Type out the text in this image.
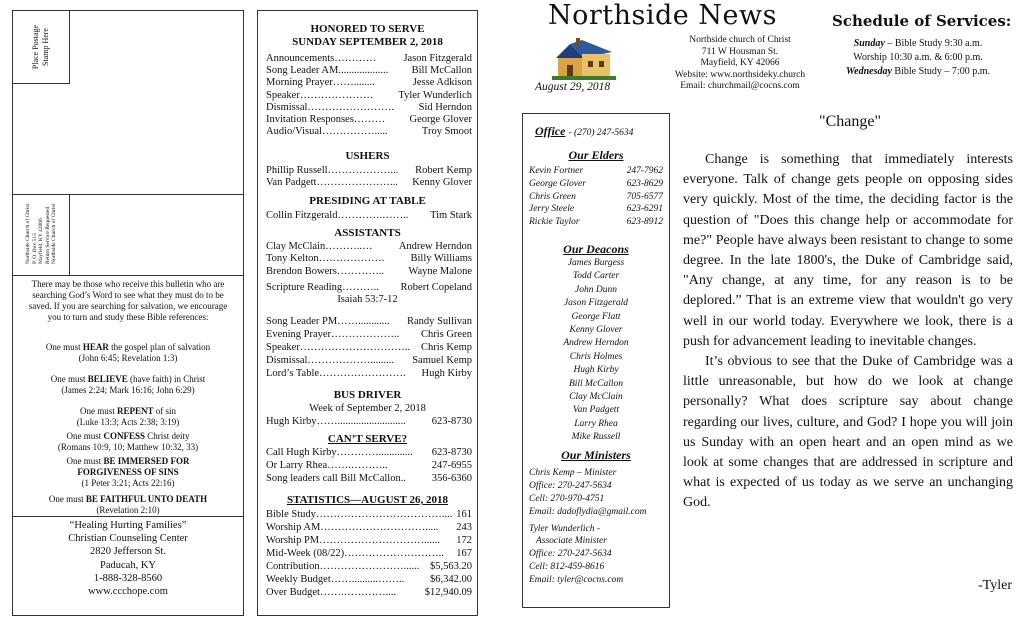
Place Postage
Stamp Here
Northside Church of Christ
P. O. Box 513
Mayfield, KY 42066
Return Service Requested
Northside Church of Christ
There may be those who receive this bulletin who are searching God’s Word to see what they must do to be saved. If you are searching for salvation, we encourage you to turn and study these Bible references:
One must HEAR the gospel plan of salvation
(John 6:45; Revelation 1:3)
One must BELIEVE (have faith) in Christ
(James 2:24; Mark 16:16; John 6:29)
One must REPENT of sin
(Luke 13:3; Acts 2:38; 3:19)
One must CONFESS Christ deity
(Romans 10:9, 10; Matthew 10:32, 33)
One must BE IMMERSED FOR
FORGIVENESS OF SINS
(1 Peter 3:21; Acts 22:16)
One must BE FAITHFUL UNTO DEATH
(Revelation 2:10)
“Healing Hurting Families”
Christian Counseling Center
2820 Jefferson St.
Paducah, KY
1-888-328-8560
www.ccchope.com
HONORED TO SERVE
SUNDAY SEPTEMBER 2, 2018
Announcements…………	Jason Fitzgerald
Song Leader AM................... Bill McCallon
Morning Prayer……........	Jesse Adkison
Speaker………………… Tyler Wunderlich
Dismissal……………………. Sid Herndon
Invitation Responses……… George Glover
Audio/Visual…………….....	Troy Smoot
USHERS
Phillip Russell………………... Robert Kemp
Van Padgett…………………... Kenny Glover
PRESIDING AT TABLE
Collin Fitzgerald………….…….. Tim Stark
ASSISTANTS
Clay McClain………..…	Andrew Herndon
Tony Kelton………………. Billy Williams
Brendon Bowers………….. Wayne Malone
Scripture Reading……….. Robert Copeland
Isaiah 53:7-12
Song Leader PM……............ Randy Sullivan
Evening Prayer……………….. Chris Green
Speaker………………………….. Chris Kemp
Dismissal………………......... Samuel Kemp
Lord’s Table……………………. Hugh Kirby
BUS DRIVER
Week of September 2, 2018
Hugh Kirby…….......................... 623-8730
CAN’T SERVE?
Call Hugh Kirby…………............. 623-8730
Or Larry Rhea…….………..	247-6955
Song leaders call Bill McCallon.. 356-6360
STATISTICS—AUGUST 26, 2018
Bible Study……………………………….... 161
Worship AM…………………………..... 243
Worship PM…………………………...... 172
Mid-Week (08/22)……………………….. 167
Contribution……………………...... $5,563.20
Weekly Budget……..........…….. $6,342.00
Over Budget…….…………....	$12,940.09
Northside News
August 29, 2018
Northside church of Christ
711 W Housman St.
Mayfield, KY 42066
Website: www.northsideky.church
Email: churchmail@cocns.com
Schedule of Services:
Sunday – Bible Study 9:30 a.m.
Worship 10:30 a.m. & 6:00 p.m.
Wednesday Bible Study – 7:00 p.m.
Office - (270) 247-5634
Our Elders
Kevin Fortner	247-7962
George Glover	623-8629
Chris Green	705-6577
Jerry Steele	623-6291
Rickie Taylor	623-8912
Our Deacons
James Burgess
Todd Carter
John Dunn
Jason Fitzgerald
George Flatt
Kenny Glover
Andrew Herndon
Chris Holmes
Hugh Kirby
Bill McCallon
Clay McClain
Van Padgett
Larry Rhea
Mike Russell
Our Ministers
Chris Kemp – Minister
Office: 270-247-5634
Cell: 270-970-4751
Email: dadoflydia@gmail.com
Tyler Wunderlich -
Associate Minister
Office: 270-247-5634
Cell: 812-459-8616
Email: tyler@cocns.com
"Change"

Change is something that immediately interests everyone. Talk of change gets people on opposing sides very quickly. Most of the time, the deciding factor is the question of "Does this change help or accommodate for me?" People have always been resistant to change to some degree. In the late 1800's, the Duke of Cambridge said, "Any change, at any time, for any reason is to be deplored.” That is an extreme view that wouldn't go very well in our world today. Everywhere we look, there is a push for advancement leading to inevitable changes.

It’s obvious to see that the Duke of Cambridge was a little unreasonable, but how do we look at change personally? What does scripture say about change regarding our lives, culture, and God? I hope you will join us Sunday with an open heart and an open mind as we look at some changes that are addressed in scripture and what is expected of us today as we serve an unchanging God.

-Tyler
